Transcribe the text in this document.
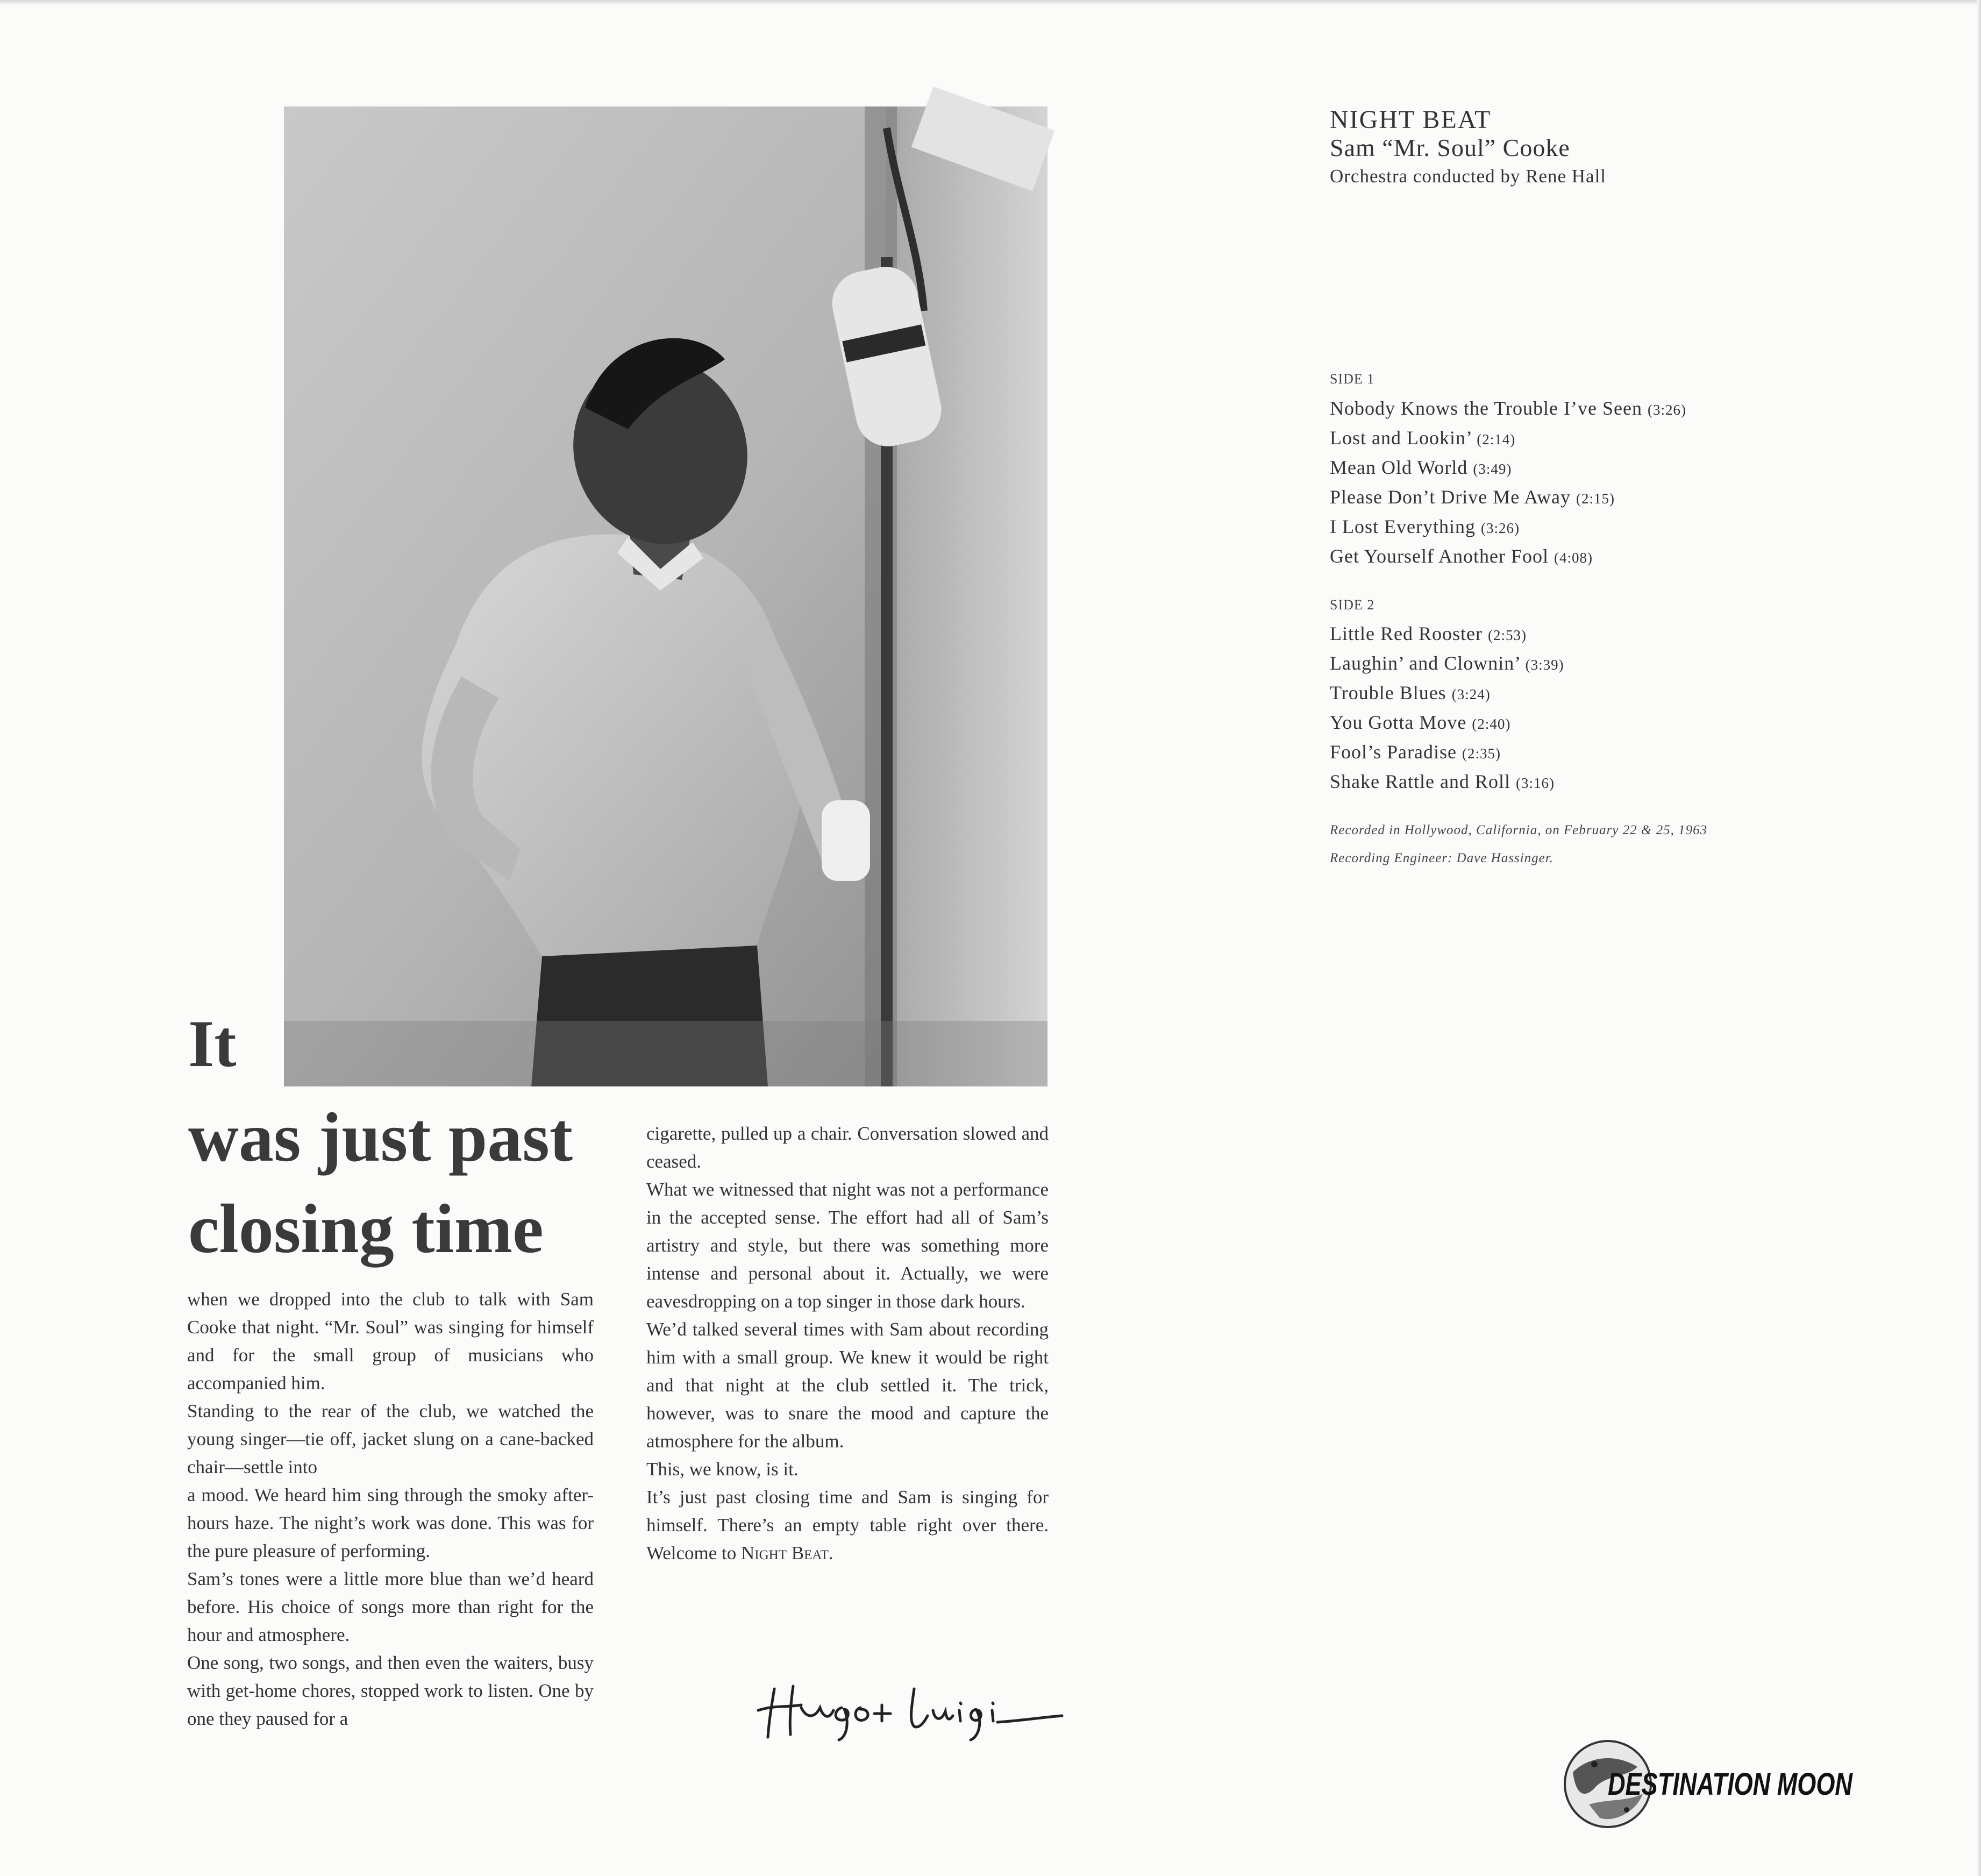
It
was just past
closing time

when we dropped into the club to talk with Sam Cooke that night. “Mr. Soul” was singing for himself and for the small group of musicians who accompanied him.

Standing to the rear of the club, we watched the young singer—tie off, jacket slung on a cane-backed chair—settle into

a mood. We heard him sing through the smoky after-hours haze. The night’s work was done. This was for the pure pleasure of performing.

Sam’s tones were a little more blue than we’d heard before. His choice of songs more than right for the hour and atmosphere.

One song, two songs, and then even the waiters, busy with get-home chores, stopped work to listen. One by one they paused for a

cigarette, pulled up a chair. Conversation slowed and ceased.

What we witnessed that night was not a performance in the accepted sense. The effort had all of Sam’s artistry and style, but there was something more intense and personal about it. Actually, we were eavesdropping on a top singer in those dark hours.

We’d talked several times with Sam about recording him with a small group. We knew it would be right and that night at the club settled it. The trick, however, was to snare the mood and capture the atmosphere for the album.

This, we know, is it.

It’s just past closing time and Sam is singing for himself. There’s an empty table right over there. Welcome to Night Beat.

NIGHT BEAT
Sam “Mr. Soul” Cooke
Orchestra conducted by Rene Hall
SIDE 1
Nobody Knows the Trouble I’ve Seen (3:26)
Lost and Lookin’ (2:14)
Mean Old World (3:49)
Please Don’t Drive Me Away (2:15)
I Lost Everything (3:26)
Get Yourself Another Fool (4:08)
SIDE 2
Little Red Rooster (2:53)
Laughin’ and Clownin’ (3:39)
Trouble Blues (3:24)
You Gotta Move (2:40)
Fool’s Paradise (2:35)
Shake Rattle and Roll (3:16)
Recorded in Hollywood, California, on February 22 & 25, 1963
Recording Engineer: Dave Hassinger.
DESTINATION MOON
